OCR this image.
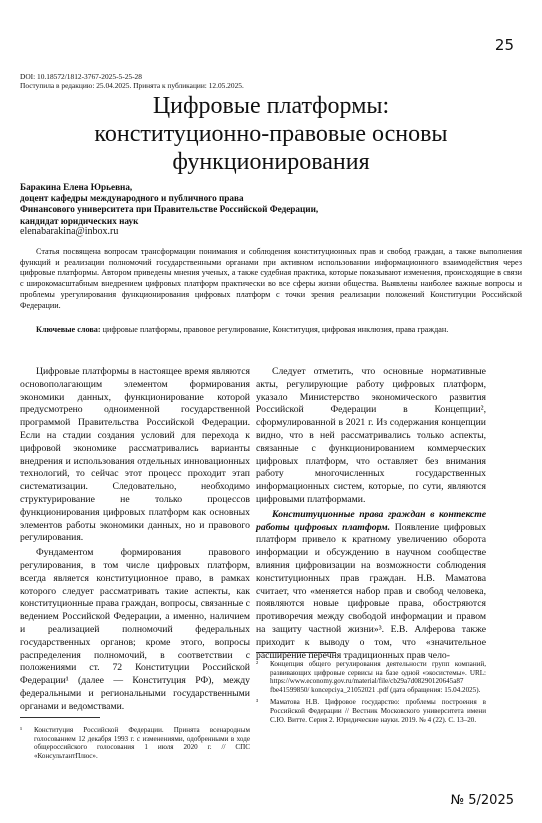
25
DOI: 10.18572/1812-3767-2025-5-25-28
Поступила в редакцию: 25.04.2025. Принята к публикации: 12.05.2025.
Цифровые платформы:
конституционно-правовые основы
функционирования
Баракина Елена Юрьевна,
доцент кафедры международного и публичного права
Финансового университета при Правительстве Российской Федерации,
кандидат юридических наук
elenabarakina@inbox.ru

Статья посвящена вопросам трансформации понимания и соблюдения конституционных прав и свобод граждан, а также выполнения функций и реализации полномочий государственными органами при активном использовании информационного взаимодействия через цифровые платформы. Автором приведены мнения ученых, а также судебная практика, которые показывают изменения, происходящие в связи с широкомасштабным внедрением цифровых платформ практически во все сферы жизни общества. Выявлены наиболее важные вопросы и проблемы урегулирования функционирования цифровых платформ с точки зрения реализации положений Конституции Российской Федерации.

Ключевые слова: цифровые платформы, правовое регулирование, Конституция, цифровая инклюзия, права граждан.

Цифровые платформы в настоящее время являются основополагающим элементом формирования экономики данных, функционирование которой предусмотрено одноименной государственной программой Правительства Российской Федерации. Если на стадии создания условий для перехода к цифровой экономике рассматривались варианты внедрения и использования отдельных инновационных технологий, то сейчас этот процесс проходит этап систематизации. Следовательно, необходимо структурирование не только процессов функционирования цифровых платформ как основных элементов работы экономики данных, но и правового регулирования.

Фундаментом формирования правового регулирования, в том числе цифровых платформ, всегда является конституционное право, в рамках которого следует рассматривать такие аспекты, как конституционные права граждан, вопросы, связанные с ведением Российской Федерации, а именно, наличием и реализацией полномочий федеральных государственных органов; кроме этого, вопросы распределения полномочий, в соответствии с положениями ст. 72 Конституции Российской Федерации¹ (далее — Конституция РФ), между федеральными и региональными государственными органами и ведомствами.

Следует отметить, что основные нормативные акты, регулирующие работу цифровых платформ, указало Министерство экономического развития Российской Федерации в Концепции², сформулированной в 2021 г. Из содержания концепции видно, что в ней рассматривались только аспекты, связанные с функционированием коммерческих цифровых платформ, что оставляет без внимания работу многочисленных государственных информационных систем, которые, по сути, являются цифровыми платформами.

Конституционные права граждан в контексте работы цифровых платформ. Появление цифровых платформ привело к кратному увеличению оборота информации и обсуждению в научном сообществе влияния цифровизации на возможности соблюдения конституционных прав граждан. Н.В. Маматова считает, что «меняется набор прав и свобод человека, появляются новые цифровые права, обостряются противоречия между свободой информации и правом на защиту частной жизни»³. Е.В. Алферова также приходит к выводу о том, что «значительное расширение перечня традиционных прав чело-

¹	Конституция Российской Федерации. Принята всенародным голосованием 12 декабря 1993 г. с изменениями, одобренными в ходе общероссийского голосования 1 июля 2020 г. // СПС «КонсультантПлюс».
²	Концепция общего регулирования деятельности групп компаний, развивающих цифровые сервисы на базе одной «экосистемы». URL: https://www.economy.gov.ru/material/file/cb29a7d08290120645a87 fbe41599850/ koncepciya_21052021 .pdf (дата обращения: 15.04.2025).
³	Маматова Н.В. Цифровое государство: проблемы построения в Российской Федерации // Вестник Московского университета имени С.Ю. Витте. Серия 2. Юридические науки. 2019. № 4 (22). С. 13–20.
№ 5/2025
